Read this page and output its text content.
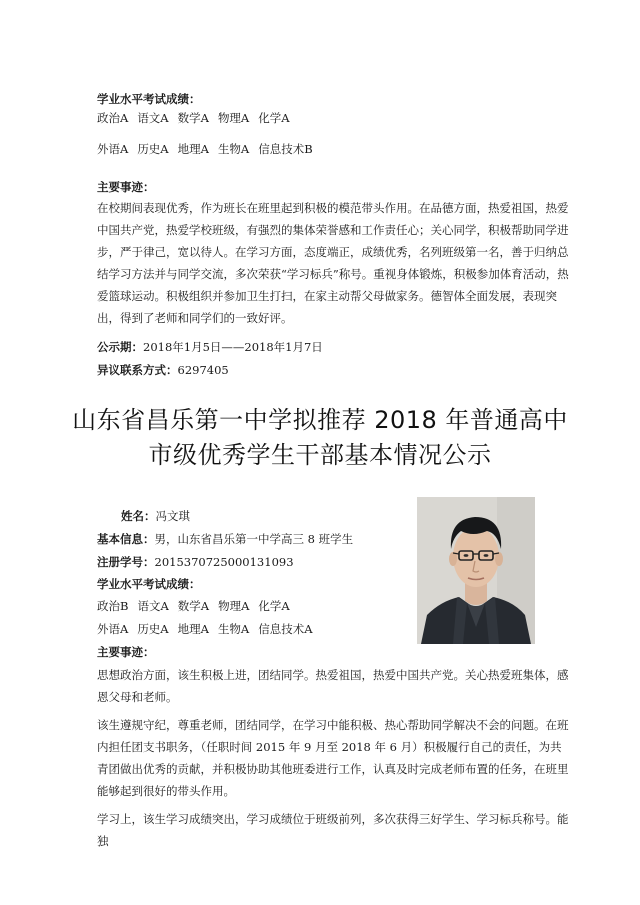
学业水平考试成绩：
政治A 语文A 数学A 物理A 化学A
外语A 历史A 地理A 生物A 信息技术B
主要事迹：
在校期间表现优秀，作为班长在班里起到积极的模范带头作用。在品德方面，热爱祖国，热爱中国共产党，热爱学校班级，有强烈的集体荣誉感和工作责任心；关心同学，积极帮助同学进步，严于律己，宽以待人。在学习方面，态度端正，成绩优秀，名列班级第一名，善于归纳总结学习方法并与同学交流，多次荣获“学习标兵”称号。重视身体锻炼，积极参加体育活动，热爱篮球运动。积极组织并参加卫生打扫，在家主动帮父母做家务。德智体全面发展，表现突出，得到了老师和同学们的一致好评。
公示期：2018年1月5日——2018年1月7日
异议联系方式：6297405
山东省昌乐第一中学拟推荐 2018 年普通高中
市级优秀学生干部基本情况公示
姓名：冯文琪
基本信息：男，山东省昌乐第一中学高三 8 班学生
注册学号：2015370725000131093
学业水平考试成绩：
政治B 语文A 数学A 物理A 化学A
外语A 历史A 地理A 生物A 信息技术A
主要事迹：
思想政治方面，该生积极上进，团结同学。热爱祖国，热爱中国共产党。关心热爱班集体，感恩父母和老师。
该生遵规守纪，尊重老师，团结同学，在学习中能积极、热心帮助同学解决不会的问题。在班内担任团支书职务，（任职时间 2015 年 9 月至 2018 年 6 月）积极履行自己的责任，为共青团做出优秀的贡献，并积极协助其他班委进行工作，认真及时完成老师布置的任务，在班里能够起到很好的带头作用。
学习上，该生学习成绩突出，学习成绩位于班级前列，多次获得三好学生、学习标兵称号。能独
